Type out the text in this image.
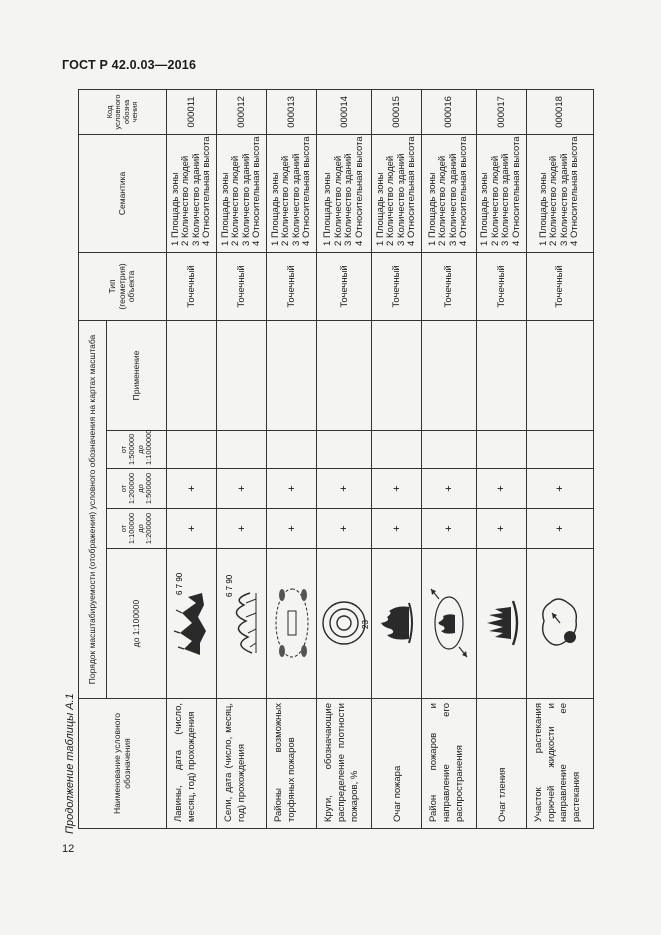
ГОСТ Р 42.0.03—2016
Продолжение таблицы А.1
12
Наименование условного обозначения	Порядок масштабируемости (отображения) условного обозначения на картах масштаба					Тип (геометрия) объекта	Семантика	Код условного обозна чения
	до 1:100000	от 1:100000 до 1:200000	от 1:200000 до 1:500000	от 1:500000 до 1:1000000	Применение			
Лавины, дата (число, месяц, год) прохождения	6 7 90	+	+			Точечный	1 Площадь зоны 2 Количество людей 3 Количество зданий 4 Относительная высота	000011
Сели, дата (число, месяц, год) прохождения	6 7 90	+	+			Точечный	1 Площадь зоны 2 Количество людей 3 Количество зданий 4 Относительная высота	000012
Районы возможных торфяных пожаров		+	+			Точечный	1 Площадь зоны 2 Количество людей 3 Количество зданий 4 Относительная высота	000013
Круги, обозначающие распределение плотности пожаров, %	23	+	+			Точечный	1 Площадь зоны 2 Количество людей 3 Количество зданий 4 Относительная высота	000014
Очаг пожара		+	+			Точечный	1 Площадь зоны 2 Количество людей 3 Количество зданий 4 Относительная высота	000015
Район пожаров и направление его распространения		+	+			Точечный	1 Площадь зоны 2 Количество людей 3 Количество зданий 4 Относительная высота	000016
Очаг тления		+	+			Точечный	1 Площадь зоны 2 Количество людей 3 Количество зданий 4 Относительная высота	000017
Участок растекания горючей жидкости и направление ее растекания		+	+			Точечный	1 Площадь зоны 2 Количество людей 3 Количество зданий 4 Относительная высота	000018
